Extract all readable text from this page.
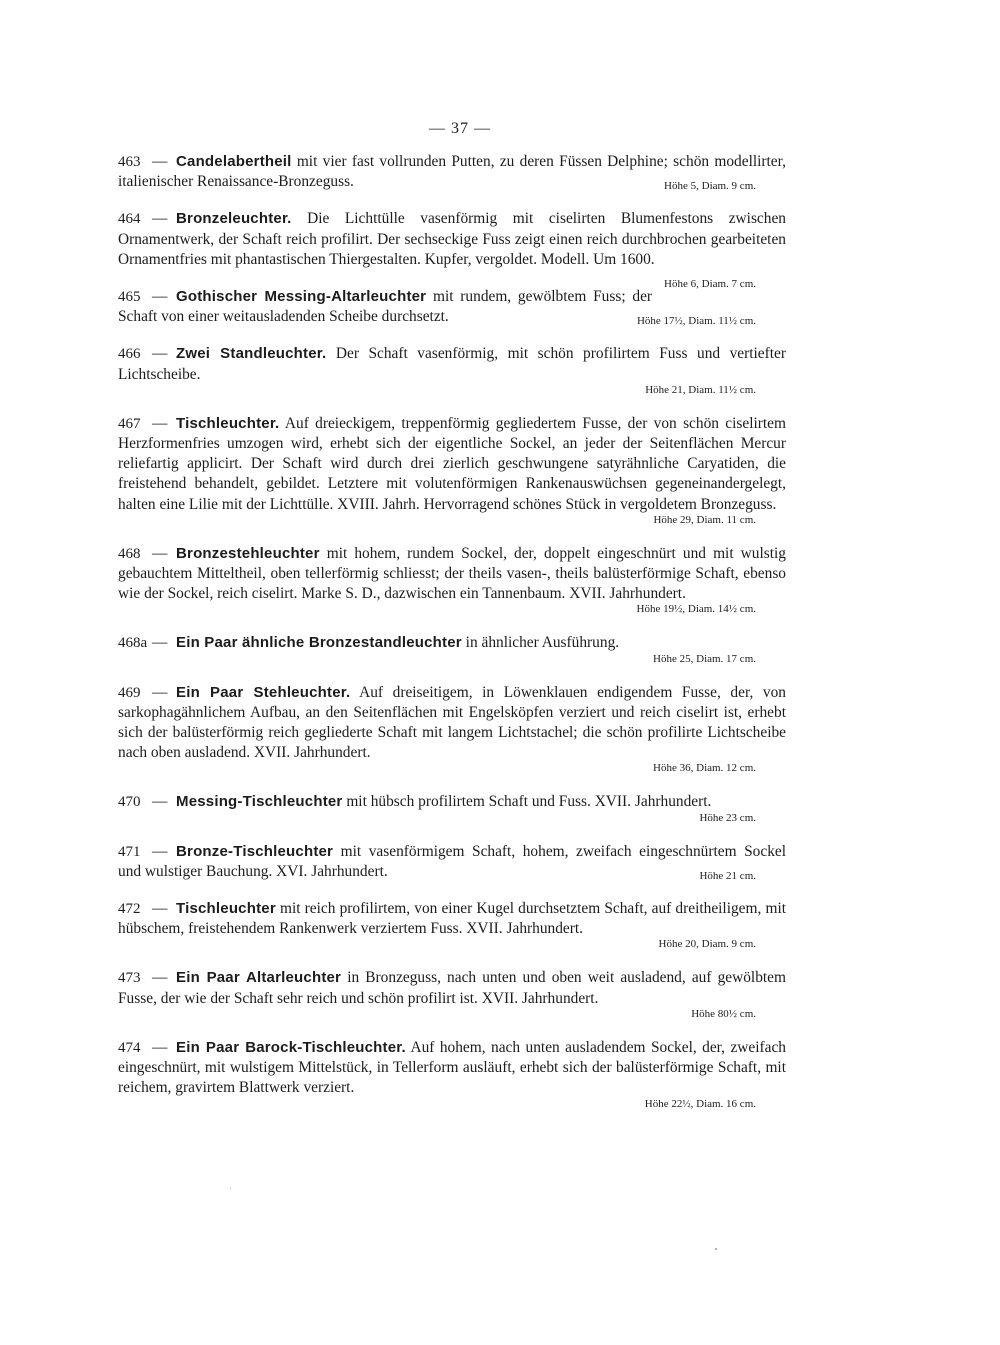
— 37 —
463 — Candelabertheil mit vier fast vollrunden Putten, zu deren Füssen Delphine; schön modellirter, italienischer Renaissance-Bronzeguss.	Höhe 5, Diam. 9 cm.
464 — Bronzeleuchter. Die Lichttülle vasenförmig mit ciselirten Blumenfestons zwischen Ornamentwerk, der Schaft reich profilirt. Der sechseckige Fuss zeigt einen reich durchbrochen gearbeiteten Ornamentfries mit phantastischen Thiergestalten. Kupfer, vergoldet. Modell. Um 1600.
Höhe 6, Diam. 7 cm.
465 — Gothischer Messing-Altarleuchter mit rundem, gewölbtem Fuss; der Schaft von einer weitausladenden Scheibe durchsetzt.	Höhe 17½, Diam. 11½ cm.
466 — Zwei Standleuchter. Der Schaft vasenförmig, mit schön profilirtem Fuss und vertiefter Lichtscheibe.
Höhe 21, Diam. 11½ cm.
467 — Tischleuchter. Auf dreieckigem, treppenförmig gegliedertem Fusse, der von schön ciselirtem Herzformenfries umzogen wird, erhebt sich der eigentliche Sockel, an jeder der Seitenflächen Mercur reliefartig applicirt. Der Schaft wird durch drei zierlich geschwungene satyrähnliche Caryatiden, die freistehend behandelt, gebildet. Letztere mit volutenförmigen Rankenauswüchsen gegeneinandergelegt, halten eine Lilie mit der Lichttülle. XVIII. Jahrh. Hervorragend schönes Stück in vergoldetem Bronzeguss.
Höhe 29, Diam. 11 cm.
468 — Bronzestehleuchter mit hohem, rundem Sockel, der, doppelt eingeschnürt und mit wulstig gebauchtem Mitteltheil, oben tellerförmig schliesst; der theils vasen-, theils balüsterförmige Schaft, ebenso wie der Sockel, reich ciselirt. Marke S. D., dazwischen ein Tannenbaum. XVII. Jahrhundert.
Höhe 19½, Diam. 14½ cm.
468a — Ein Paar ähnliche Bronzestandleuchter in ähnlicher Ausführung.
Höhe 25, Diam. 17 cm.
469 — Ein Paar Stehleuchter. Auf dreiseitigem, in Löwenklauen endigendem Fusse, der, von sarkophagähnlichem Aufbau, an den Seitenflächen mit Engelsköpfen verziert und reich ciselirt ist, erhebt sich der balüsterförmig reich gegliederte Schaft mit langem Lichtstachel; die schön profilirte Lichtscheibe nach oben ausladend. XVII. Jahrhundert.
Höhe 36, Diam. 12 cm.
470 — Messing-Tischleuchter mit hübsch profilirtem Schaft und Fuss. XVII. Jahrhundert.
Höhe 23 cm.
471 — Bronze-Tischleuchter mit vasenförmigem Schaft, hohem, zweifach eingeschnürtem Sockel und wulstiger Bauchung. XVI. Jahrhundert.	Höhe 21 cm.
472 — Tischleuchter mit reich profilirtem, von einer Kugel durchsetztem Schaft, auf dreitheiligem, mit hübschem, freistehendem Rankenwerk verziertem Fuss. XVII. Jahrhundert.
Höhe 20, Diam. 9 cm.
473 — Ein Paar Altarleuchter in Bronzeguss, nach unten und oben weit ausladend, auf gewölbtem Fusse, der wie der Schaft sehr reich und schön profilirt ist. XVII. Jahrhundert.
Höhe 80½ cm.
474 — Ein Paar Barock-Tischleuchter. Auf hohem, nach unten ausladendem Sockel, der, zweifach eingeschnürt, mit wulstigem Mittelstück, in Tellerform ausläuft, erhebt sich der balüsterförmige Schaft, mit reichem, gravirtem Blattwerk verziert.
Höhe 22½, Diam. 16 cm.
